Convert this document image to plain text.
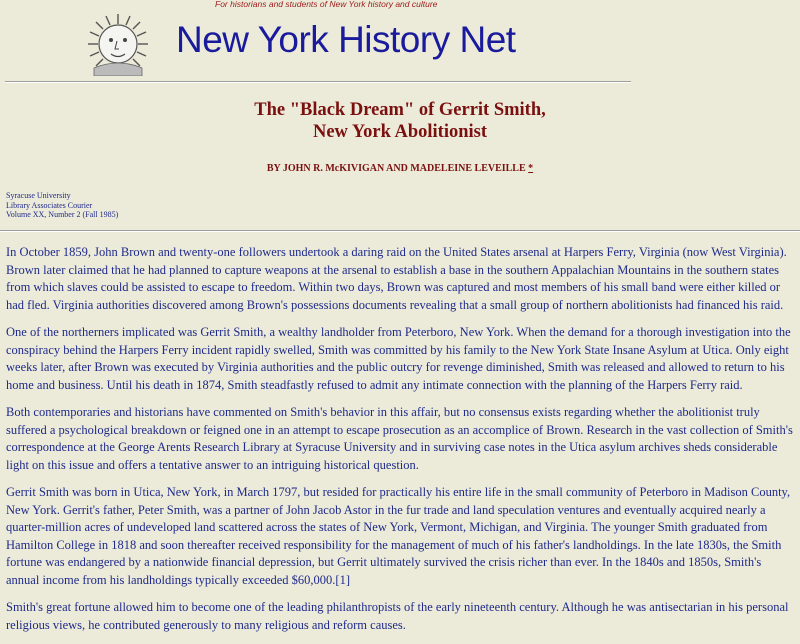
For historians and students of New York history and culture
New York History Net
The "Black Dream" of Gerrit Smith,
New York Abolitionist
BY JOHN R. McKIVIGAN AND MADELEINE LEVEILLE *
Syracuse University
Library Associates Courier
Volume XX, Number 2 (Fall 1985)

In October 1859, John Brown and twenty-one followers undertook a daring raid on the United States arsenal at Harpers Ferry, Virginia (now West Virginia). Brown later claimed that he had planned to capture weapons at the arsenal to establish a base in the southern Appalachian Mountains in the southern states from which slaves could be assisted to escape to freedom. Within two days, Brown was captured and most members of his small band were either killed or had fled. Virginia authorities discovered among Brown's possessions documents revealing that a small group of northern abolitionists had financed his raid.

One of the northerners implicated was Gerrit Smith, a wealthy landholder from Peterboro, New York. When the demand for a thorough investigation into the conspiracy behind the Harpers Ferry incident rapidly swelled, Smith was committed by his family to the New York State Insane Asylum at Utica. Only eight weeks later, after Brown was executed by Virginia authorities and the public outcry for revenge diminished, Smith was released and allowed to return to his home and business. Until his death in 1874, Smith steadfastly refused to admit any intimate connection with the planning of the Harpers Ferry raid.

Both contemporaries and historians have commented on Smith's behavior in this affair, but no consensus exists regarding whether the abolitionist truly suffered a psychological breakdown or feigned one in an attempt to escape prosecution as an accomplice of Brown. Research in the vast collection of Smith's correspondence at the George Arents Research Library at Syracuse University and in surviving case notes in the Utica asylum archives sheds considerable light on this issue and offers a tentative answer to an intriguing historical question.

Gerrit Smith was born in Utica, New York, in March 1797, but resided for practically his entire life in the small community of Peterboro in Madison County, New York. Gerrit's father, Peter Smith, was a partner of John Jacob Astor in the fur trade and land speculation ventures and eventually acquired nearly a quarter-million acres of undeveloped land scattered across the states of New York, Vermont, Michigan, and Virginia. The younger Smith graduated from Hamilton College in 1818 and soon thereafter received responsibility for the management of much of his father's landholdings. In the late 1830s, the Smith fortune was endangered by a nationwide financial depression, but Gerrit ultimately survived the crisis richer than ever. In the 1840s and 1850s, Smith's annual income from his landholdings typically exceeded $60,000.[1]

Smith's great fortune allowed him to become one of the leading philanthropists of the early nineteenth century. Although he was antisectarian in his personal religious views, he contributed generously to many religious and reform causes.
